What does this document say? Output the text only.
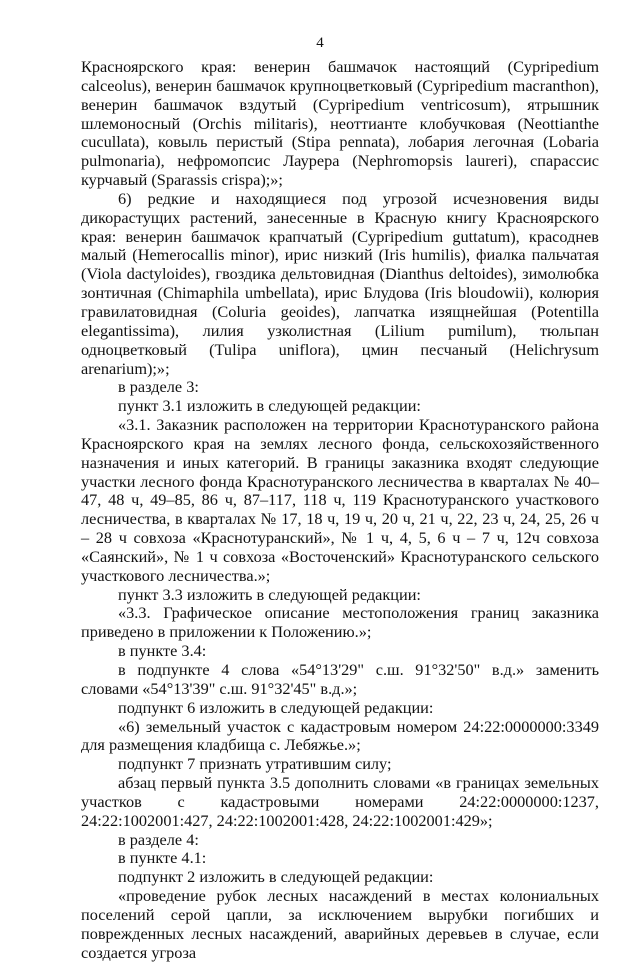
4

Красноярского края: венерин башмачок настоящий (Cypripedium calceolus), венерин башмачок крупноцветковый (Cypripedium macranthon), венерин башмачок вздутый (Cypripedium ventricosum), ятрышник шлемоносный (Orchis militaris), неоттианте клобучковая (Neottianthe cucullata), ковыль перистый (Stipa pennata), лобария легочная (Lobaria pulmonaria), нефромопсис Лаурера (Nephromopsis laureri), спарассис курчавый (Sparassis crispa);»;

6) редкие и находящиеся под угрозой исчезновения виды дикорастущих растений, занесенные в Красную книгу Красноярского края: венерин башмачок крапчатый (Cypripedium guttatum), красоднев малый (Hemerocallis minor), ирис низкий (Iris humilis), фиалка пальчатая (Viola dactyloides), гвоздика дельтовидная (Dianthus deltoides), зимолюбка зонтичная (Chimaphila umbellata), ирис Блудова (Iris bloudowii), колюрия гравилатовидная (Coluria geoides), лапчатка изящнейшая (Potentilla elegantissima), лилия узколистная (Lilium pumilum), тюльпан одноцветковый (Tulipa uniflora), цмин песчаный (Helichrysum arenarium);»;

в разделе 3:

пункт 3.1 изложить в следующей редакции:

«3.1. Заказник расположен на территории Краснотуранского района Красноярского края на землях лесного фонда, сельскохозяйственного назначения и иных категорий. В границы заказника входят следующие участки лесного фонда Краснотуранского лесничества в кварталах № 40–47, 48 ч, 49–85, 86 ч, 87–117, 118 ч, 119 Краснотуранского участкового лесничества, в кварталах № 17, 18 ч, 19 ч, 20 ч, 21 ч, 22, 23 ч, 24, 25, 26 ч – 28 ч совхоза «Краснотуранский», № 1 ч, 4, 5, 6 ч – 7 ч, 12ч совхоза «Саянский», № 1 ч совхоза «Восточенский» Краснотуранского сельского участкового лесничества.»;

пункт 3.3 изложить в следующей редакции:

«3.3. Графическое описание местоположения границ заказника приведено в приложении к Положению.»;

в пункте 3.4:

в подпункте 4 слова «54°13'29" с.ш. 91°32'50" в.д.» заменить словами «54°13'39" с.ш. 91°32'45" в.д.»;

подпункт 6 изложить в следующей редакции:

«6) земельный участок с кадастровым номером 24:22:0000000:3349 для размещения кладбища с. Лебяжье.»;

подпункт 7 признать утратившим силу;

абзац первый пункта 3.5 дополнить словами «в границах земельных участков с кадастровыми номерами 24:22:0000000:1237, 24:22:1002001:427, 24:22:1002001:428, 24:22:1002001:429»;

в разделе 4:

в пункте 4.1:

подпункт 2 изложить в следующей редакции:

«проведение рубок лесных насаждений в местах колониальных поселений серой цапли, за исключением вырубки погибших и поврежденных лесных насаждений, аварийных деревьев в случае, если создается угроза
